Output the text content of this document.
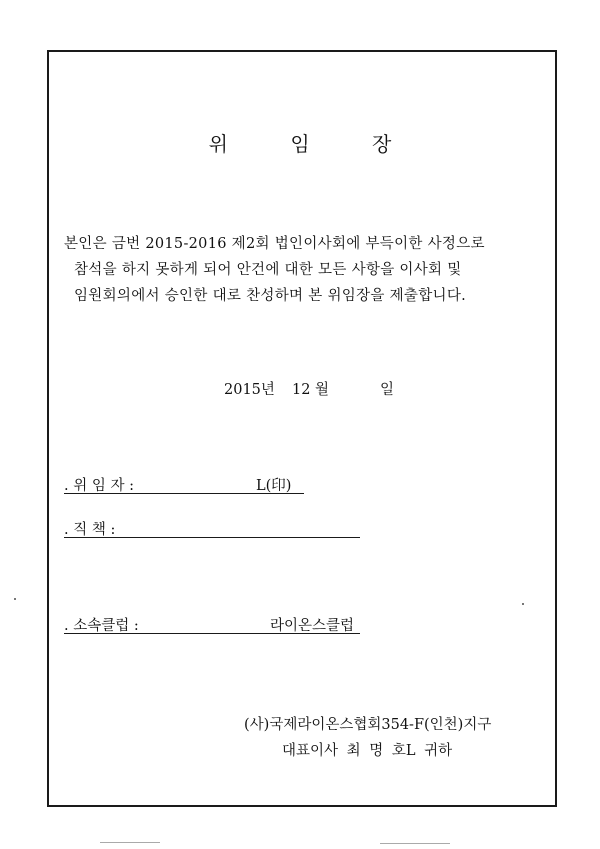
위 임 장
본인은 금번 2015-2016 제2회 법인이사회에 부득이한 사정으로
참석을 하지 못하게 되어 안건에 대한 모든 사항을 이사회 및
임원회의에서 승인한 대로 찬성하며 본 위임장을 제출합니다.
2015년 12 월	일
. 위 임 자 :	L(印)
. 직 책 :
. 소속클럽 :	라이온스클럽
(사)국제라이온스협회354-F(인천)지구
대표이사 최 명 호L 귀하
